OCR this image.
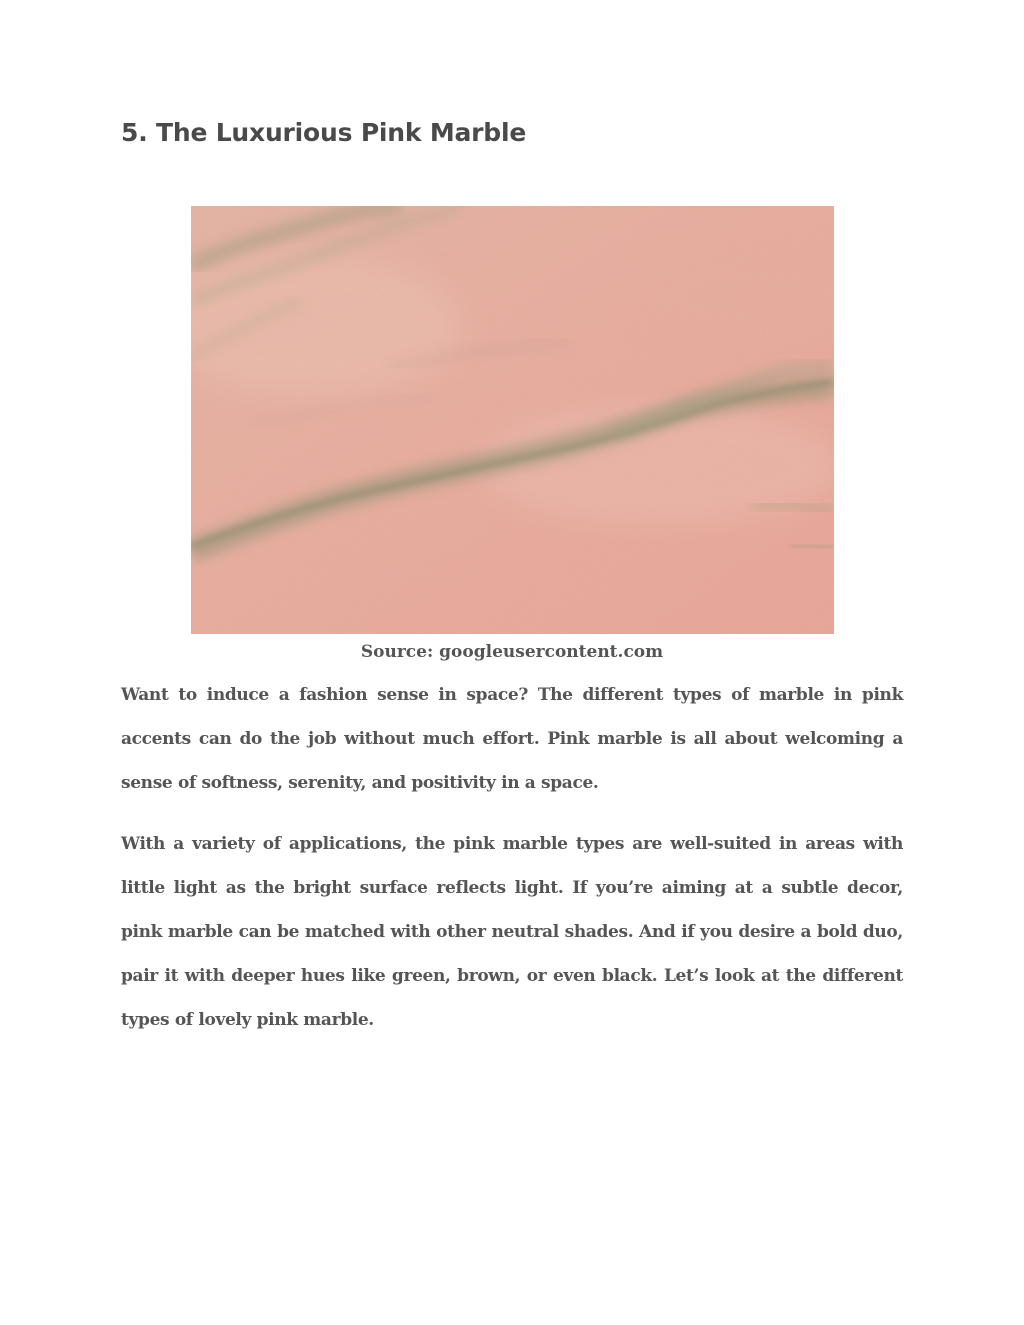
5. The Luxurious Pink Marble
Source: googleusercontent.com

Want to induce a fashion sense in space? The different types of marble in pink accents can do the job without much effort. Pink marble is all about welcoming a sense of softness, serenity, and positivity in a space.

With a variety of applications, the pink marble types are well-suited in areas with little light as the bright surface reflects light. If you’re aiming at a subtle decor, pink marble can be matched with other neutral shades. And if you desire a bold duo, pair it with deeper hues like green, brown, or even black. Let’s look at the different types of lovely pink marble.
